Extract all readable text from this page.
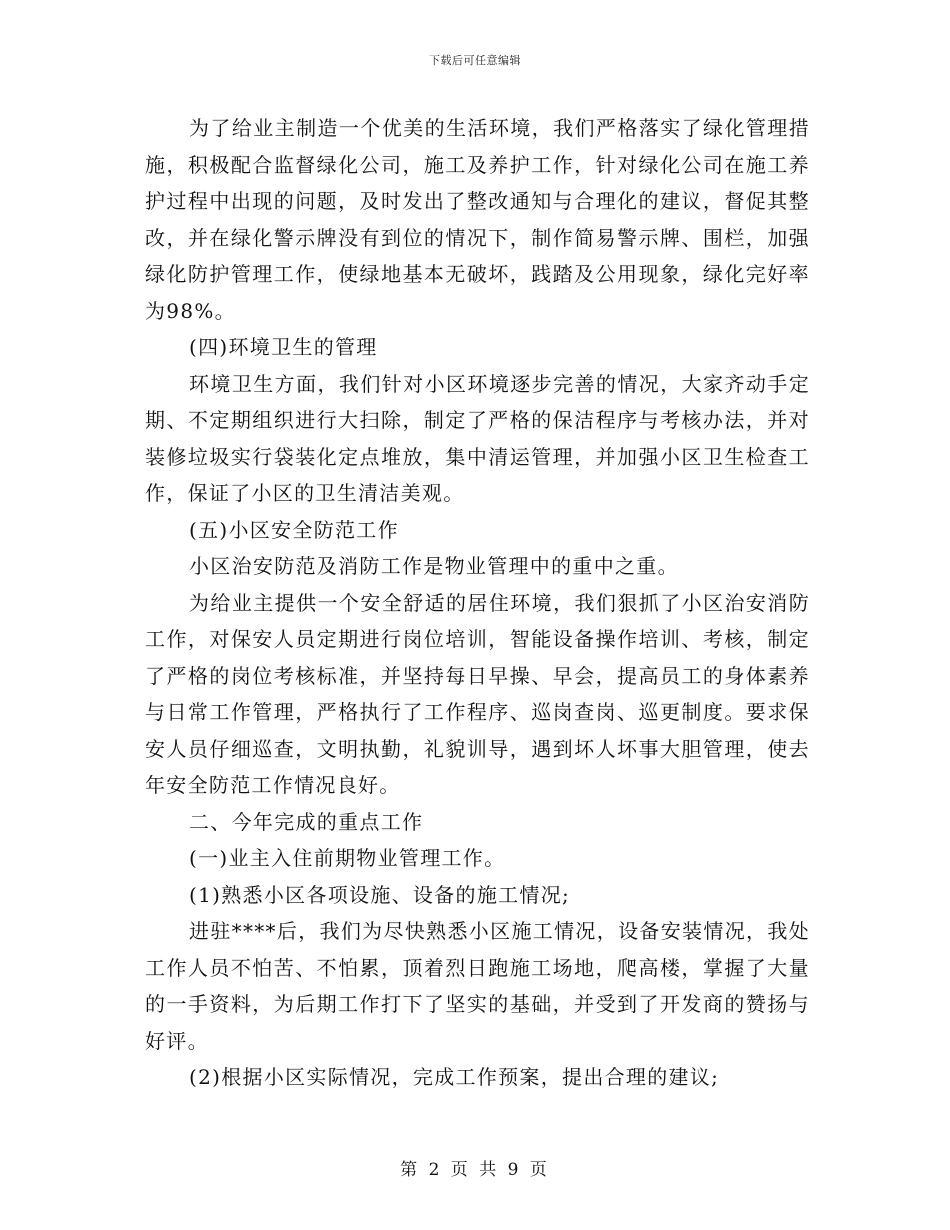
下载后可任意编辑

为了给业主制造一个优美的生活环境，我们严格落实了绿化管理措施，积极配合监督绿化公司，施工及养护工作，针对绿化公司在施工养护过程中出现的问题，及时发出了整改通知与合理化的建议，督促其整改，并在绿化警示牌没有到位的情况下，制作简易警示牌、围栏，加强绿化防护管理工作，使绿地基本无破坏，践踏及公用现象，绿化完好率为98%。

(四)环境卫生的管理

环境卫生方面，我们针对小区环境逐步完善的情况，大家齐动手定期、不定期组织进行大扫除，制定了严格的保洁程序与考核办法，并对装修垃圾实行袋装化定点堆放，集中清运管理，并加强小区卫生检查工作，保证了小区的卫生清洁美观。

(五)小区安全防范工作

小区治安防范及消防工作是物业管理中的重中之重。

为给业主提供一个安全舒适的居住环境，我们狠抓了小区治安消防工作，对保安人员定期进行岗位培训，智能设备操作培训、考核，制定了严格的岗位考核标准，并坚持每日早操、早会，提高员工的身体素养与日常工作管理，严格执行了工作程序、巡岗查岗、巡更制度。要求保安人员仔细巡查，文明执勤，礼貌训导，遇到坏人坏事大胆管理，使去年安全防范工作情况良好。

二、今年完成的重点工作

(一)业主入住前期物业管理工作。

(1)熟悉小区各项设施、设备的施工情况;

进驻****后，我们为尽快熟悉小区施工情况，设备安装情况，我处工作人员不怕苦、不怕累，顶着烈日跑施工场地，爬高楼，掌握了大量的一手资料，为后期工作打下了坚实的基础，并受到了开发商的赞扬与好评。

(2)根据小区实际情况，完成工作预案，提出合理的建议;

第 2 页 共 9 页
